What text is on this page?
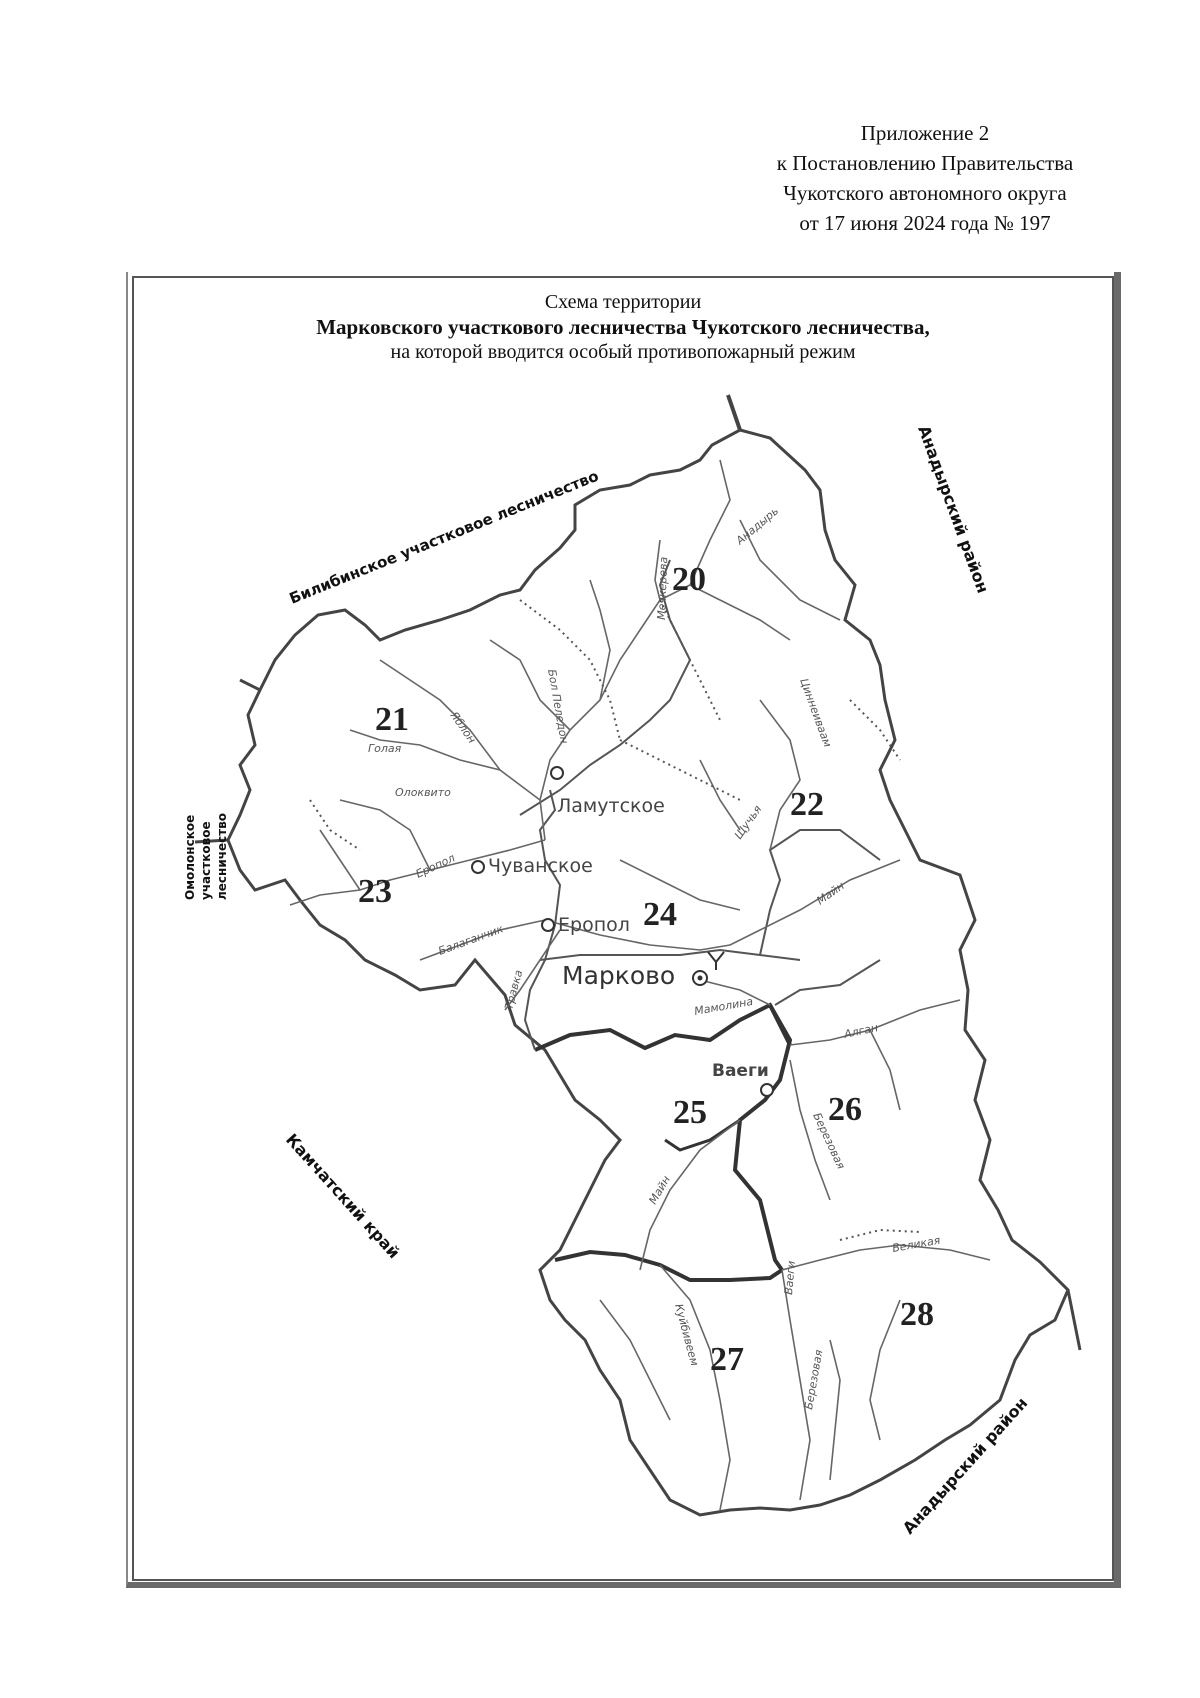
Приложение 2
к Постановлению Правительства
Чукотского автономного округа
от 17 июня 2024 года № 197
Схема территории
Марковского участкового лесничества Чукотского лесничества,
на которой вводится особый противопожарный режим
20
21
22
23
24
25	26
27
28
Ламутское
Чуванское
Еропол
Марково
Ваеги
Анадырь
Мечкерева
Бол Пеледон
Яблон
Голая
Олоквито
Еропол
Балаганчик
Травка
Циннеиваам
Щучья
Майн
Мамолина
Алган
Березовая
Майн
Великая
Куйбивеем
Ваеги
Березовая
Билибинское участковое лесничество	Анадырский район
Анадырский район
Камчатский край
Омолонское участковое лесничество
